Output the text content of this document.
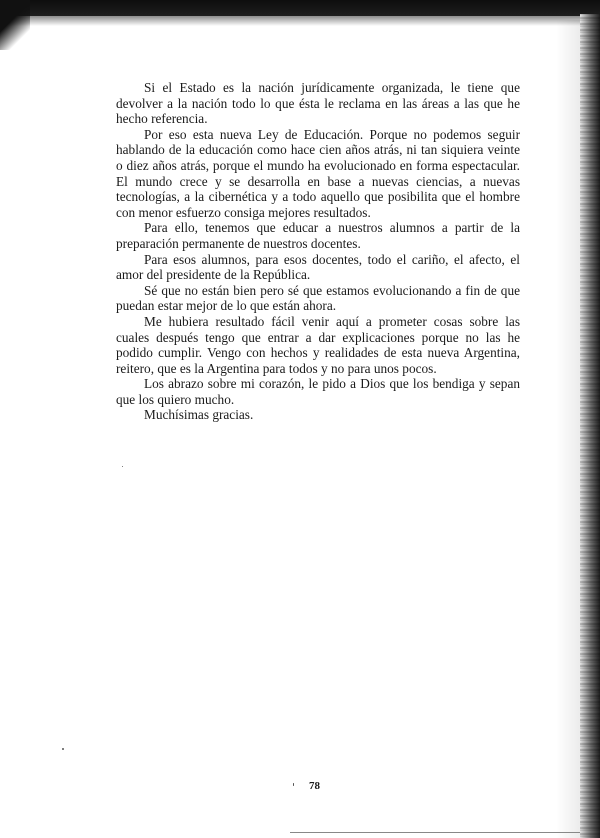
Si el Estado es la nación jurídicamente organizada, le tiene que devolver a la nación todo lo que ésta le reclama en las áreas a las que he hecho referencia.

Por eso esta nueva Ley de Educación. Porque no podemos seguir hablando de la educación como hace cien años atrás, ni tan siquiera veinte o diez años atrás, porque el mundo ha evolucionado en forma espectacular. El mundo crece y se desarrolla en base a nuevas ciencias, a nuevas tecnologías, a la cibernética y a todo aquello que posibilita que el hombre con menor esfuerzo consiga mejores resultados.

Para ello, tenemos que educar a nuestros alumnos a partir de la preparación permanente de nuestros docentes.

Para esos alumnos, para esos docentes, todo el cariño, el afecto, el amor del presidente de la República.

Sé que no están bien pero sé que estamos evolucionando a fin de que puedan estar mejor de lo que están ahora.

Me hubiera resultado fácil venir aquí a prometer cosas sobre las cuales después tengo que entrar a dar explicaciones porque no las he podido cumplir. Vengo con hechos y realidades de esta nueva Argentina, reitero, que es la Argentina para todos y no para unos pocos.

Los abrazo sobre mi corazón, le pido a Dios que los bendiga y sepan que los quiero mucho.

Muchísimas gracias.

78
